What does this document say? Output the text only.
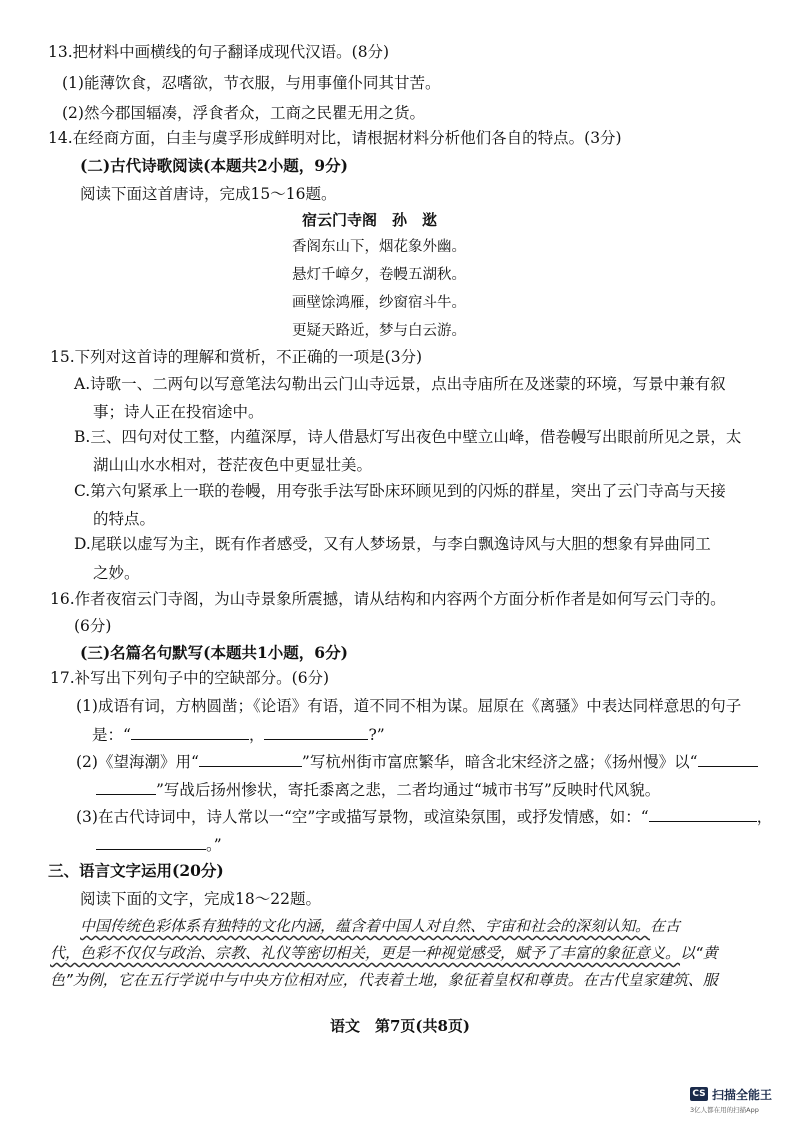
13.把材料中画横线的句子翻译成现代汉语。(8分)
(1)能薄饮食，忍嗜欲，节衣服，与用事僮仆同其甘苦。
(2)然今郡国辐凑，浮食者众，工商之民瞿无用之货。
14.在经商方面，白圭与虞孚形成鲜明对比，请根据材料分析他们各自的特点。(3分)
(二)古代诗歌阅读(本题共2小题，9分)
阅读下面这首唐诗，完成15～16题。
宿云门寺阁　孙　逖
香阁东山下，烟花象外幽。
悬灯千嶂夕，卷幔五湖秋。
画壁馀鸿雁，纱窗宿斗牛。
更疑天路近，梦与白云游。
15.下列对这首诗的理解和赏析，不正确的一项是(3分)
A.诗歌一、二两句以写意笔法勾勒出云门山寺远景，点出寺庙所在及迷蒙的环境，写景中兼有叙
事；诗人正在投宿途中。
B.三、四句对仗工整，内蕴深厚，诗人借悬灯写出夜色中壁立山峰，借卷幔写出眼前所见之景，太
湖山山水水相对，苍茫夜色中更显壮美。
C.第六句紧承上一联的卷幔，用夸张手法写卧床环顾见到的闪烁的群星，突出了云门寺高与天接
的特点。
D.尾联以虚写为主，既有作者感受，又有人梦场景，与李白飘逸诗风与大胆的想象有异曲同工
之妙。
16.作者夜宿云门寺阁，为山寺景象所震撼，请从结构和内容两个方面分析作者是如何写云门寺的。
(6分)
(三)名篇名句默写(本题共1小题，6分)
17.补写出下列句子中的空缺部分。(6分)
(1)成语有词，方枘圆凿；《论语》有语，道不同不相为谋。屈原在《离骚》中表达同样意思的句子
是：“	，	?”
(2)《望海潮》用“	”写杭州街市富庶繁华，暗含北宋经济之盛；《扬州慢》以“
”写战后扬州惨状，寄托黍离之悲，二者均通过“城市书写”反映时代风貌。
(3)在古代诗词中，诗人常以一“空”字或描写景物，或渲染氛围，或抒发情感，如：“	，
。”
三、语言文字运用(20分)
阅读下面的文字，完成18～22题。
中国传统色彩体系有独特的文化内涵，蕴含着中国人对自然、宇宙和社会的深刻认知。在古
代，色彩不仅仅与政治、宗教、礼仪等密切相关，更是一种视觉感受，赋予了丰富的象征意义。以“黄
色”为例，它在五行学说中与中央方位相对应，代表着土地，象征着皇权和尊贵。在古代皇家建筑、服
语文　第7页(共8页)
CS 扫描全能王
3亿人都在用的扫描App
